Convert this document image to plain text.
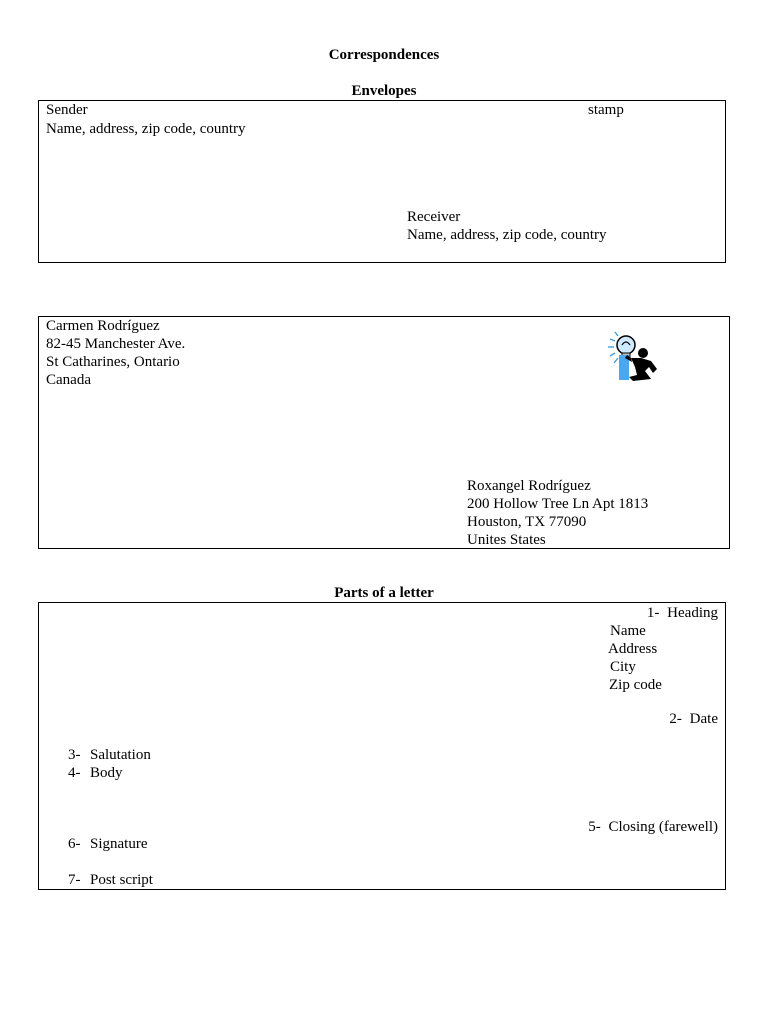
Correspondences
Envelopes
Sender
Name, address, zip code, country
stamp
Receiver
Name, address, zip code, country
Carmen Rodríguez
82-45 Manchester Ave.
St Catharines, Ontario
Canada
Roxangel Rodríguez
200 Hollow Tree Ln Apt 1813
Houston, TX 77090
Unites States
Parts of a letter
1- Heading
Name
Address
City
Zip code
2- Date
3- Salutation
4- Body
5- Closing (farewell)
6- Signature
7- Post script
